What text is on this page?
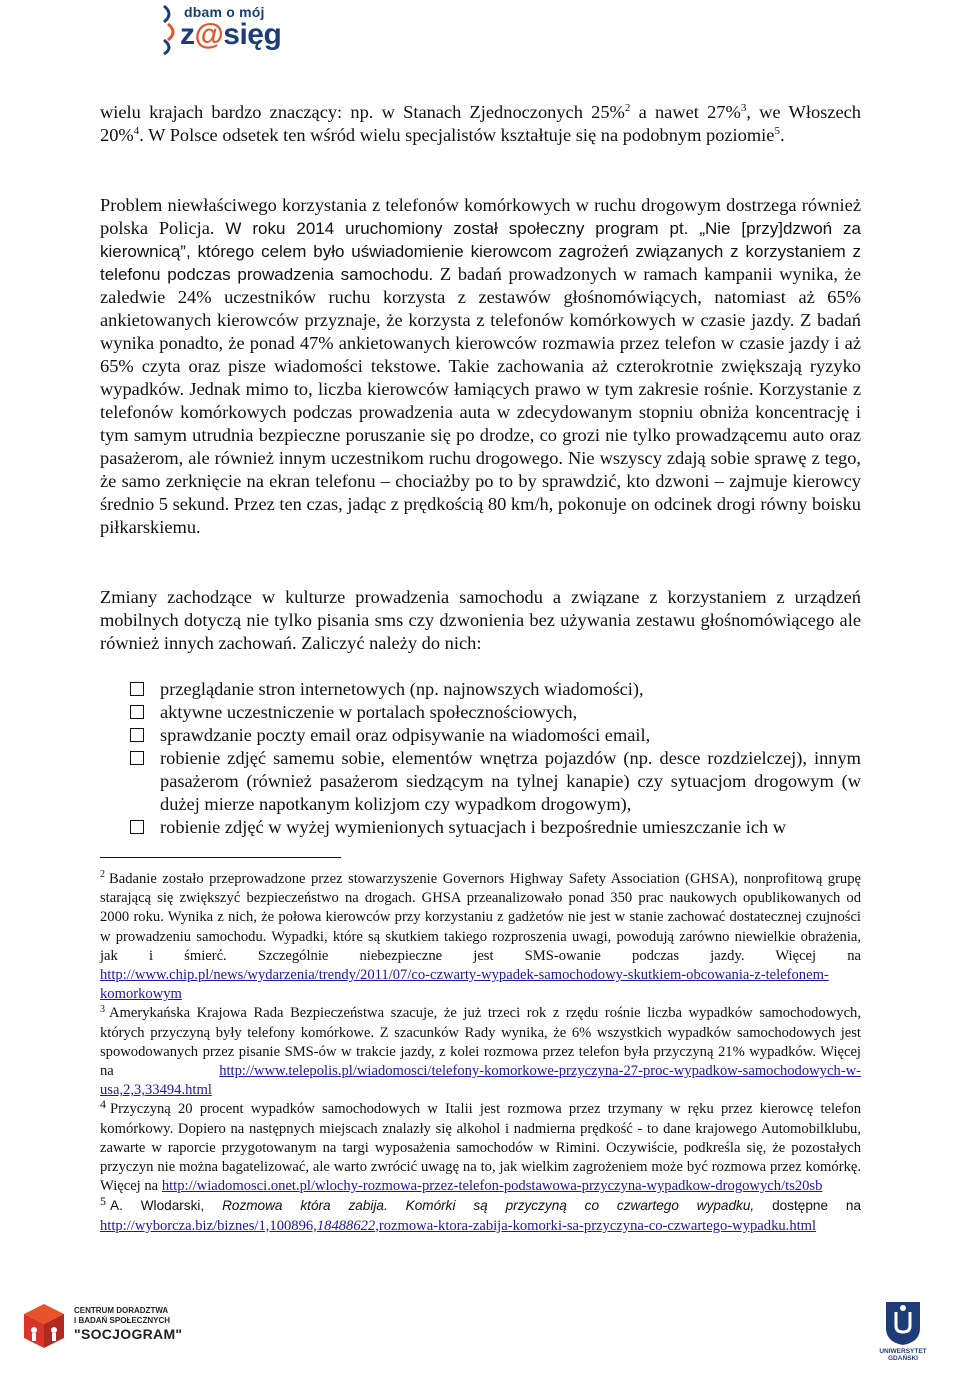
dbam o mój
z@sięg

wielu krajach bardzo znaczący: np. w Stanach Zjednoczonych 25%$^2$ a nawet 27%$^3$, we Włoszech 20%$^4$. W Polsce odsetek ten wśród wielu specjalistów kształtuje się na podobnym poziomie$^5$.

Problem niewłaściwego korzystania z telefonów komórkowych w ruchu drogowym dostrzega również polska Policja. W roku 2014 uruchomiony został społeczny program pt. „Nie [przy]dzwoń za kierownicą”, którego celem było uświadomienie kierowcom zagrożeń związanych z korzystaniem z telefonu podczas prowadzenia samochodu. Z badań prowadzonych w ramach kampanii wynika, że zaledwie 24% uczestników ruchu korzysta z zestawów głośnomówiących, natomiast aż 65% ankietowanych kierowców przyznaje, że korzysta z telefonów komórkowych w czasie jazdy. Z badań wynika ponadto, że ponad 47% ankietowanych kierowców rozmawia przez telefon w czasie jazdy i aż 65% czyta oraz pisze wiadomości tekstowe. Takie zachowania aż czterokrotnie zwiększają ryzyko wypadków. Jednak mimo to, liczba kierowców łamiących prawo w tym zakresie rośnie. Korzystanie z telefonów komórkowych podczas prowadzenia auta w zdecydowanym stopniu obniża koncentrację i tym samym utrudnia bezpieczne poruszanie się po drodze, co grozi nie tylko prowadzącemu auto oraz pasażerom, ale również innym uczestnikom ruchu drogowego. Nie wszyscy zdają sobie sprawę z tego, że samo zerknięcie na ekran telefonu – chociażby po to by sprawdzić, kto dzwoni – zajmuje kierowcy średnio 5 sekund. Przez ten czas, jadąc z prędkością 80 km/h, pokonuje on odcinek drogi równy boisku piłkarskiemu.

Zmiany zachodzące w kulturze prowadzenia samochodu a związane z korzystaniem z urządzeń mobilnych dotyczą nie tylko pisania sms czy dzwonienia bez używania zestawu głośnomówiącego ale również innych zachowań. Zaliczyć należy do nich:

przeglądanie stron internetowych (np. najnowszych wiadomości),
aktywne uczestniczenie w portalach społecznościowych,
sprawdzanie poczty email oraz odpisywanie na wiadomości email,
robienie zdjęć samemu sobie, elementów wnętrza pojazdów (np. desce rozdzielczej), innym pasażerom (również pasażerom siedzącym na tylnej kanapie) czy sytuacjom drogowym (w dużej mierze napotkanym kolizjom czy wypadkom drogowym),
robienie zdjęć w wyżej wymienionych sytuacjach i bezpośrednie umieszczanie ich w

$^2$ Badanie zostało przeprowadzone przez stowarzyszenie Governors Highway Safety Association (GHSA), nonprofitową grupę starającą się zwiększyć bezpieczeństwo na drogach. GHSA przeanalizowało ponad 350 prac naukowych opublikowanych od 2000 roku. Wynika z nich, że połowa kierowców przy korzystaniu z gadżetów nie jest w stanie zachować dostatecznej czujności w prowadzeniu samochodu. Wypadki, które są skutkiem takiego rozproszenia uwagi, powodują zarówno niewielkie obrażenia, jak i śmierć. Szczególnie niebezpieczne jest SMS-owanie podczas jazdy. Więcej na http://www.chip.pl/news/wydarzenia/trendy/2011/07/co-czwarty-wypadek-samochodowy-skutkiem-obcowania-z-telefonem-komorkowym

$^3$ Amerykańska Krajowa Rada Bezpieczeństwa szacuje, że już trzeci rok z rzędu rośnie liczba wypadków samochodowych, których przyczyną były telefony komórkowe. Z szacunków Rady wynika, że 6% wszystkich wypadków samochodowych jest spowodowanych przez pisanie SMS-ów w trakcie jazdy, z kolei rozmowa przez telefon była przyczyną 21% wypadków. Więcej na http://www.telepolis.pl/wiadomosci/telefony-komorkowe-przyczyna-27-proc-wypadkow-samochodowych-w-usa,2,3,33494.html

$^4$ Przyczyną 20 procent wypadków samochodowych w Italii jest rozmowa przez trzymany w ręku przez kierowcę telefon komórkowy. Dopiero na następnych miejscach znalazły się alkohol i nadmierna prędkość - to dane krajowego Automobilklubu, zawarte w raporcie przygotowanym na targi wyposażenia samochodów w Rimini. Oczywiście, podkreśla się, że pozostałych przyczyn nie można bagatelizować, ale warto zwrócić uwagę na to, jak wielkim zagrożeniem może być rozmowa przez komórkę. Więcej na http://wiadomosci.onet.pl/wlochy-rozmowa-przez-telefon-podstawowa-przyczyna-wypadkow-drogowych/ts20sb

$^5$ A. Wlodarski, Rozmowa która zabija. Komórki są przyczyną co czwartego wypadku, dostępne na http://wyborcza.biz/biznes/1,100896,18488622,rozmowa-ktora-zabija-komorki-sa-przyczyna-co-czwartego-wypadku.html

CENTRUM DORADZTWA
I BADAŃ SPOŁECZNYCH
"SOCJOGRAM"
UNIWERSYTET GDAŃSKI
